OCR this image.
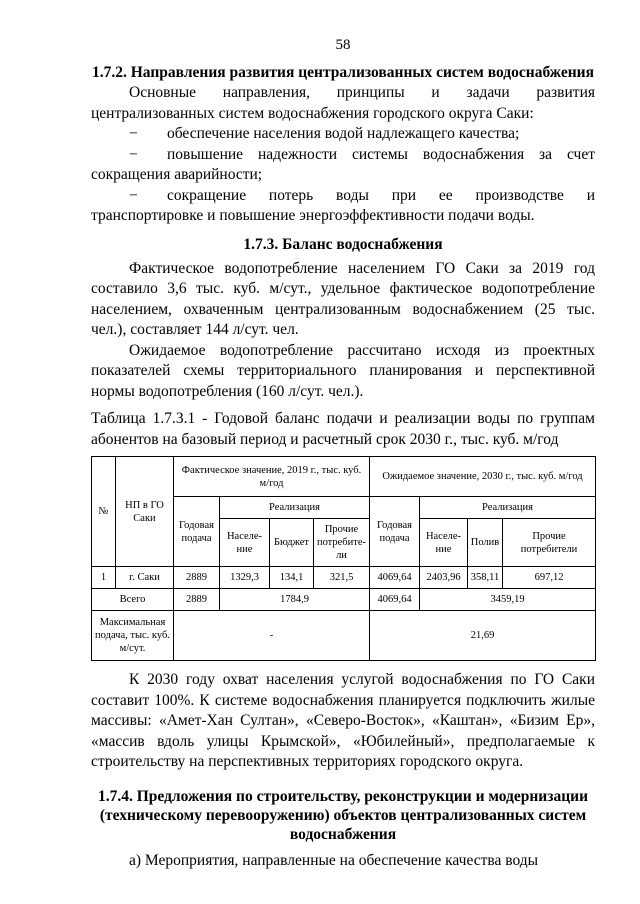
58
1.7.2. Направления развития централизованных систем водоснабжения

Основные направления, принципы и задачи развития централизованных систем водоснабжения городского округа Саки:

− обеспечение населения водой надлежащего качества;
− повышение надежности системы водоснабжения за счет сокращения аварийности;
− сокращение потерь воды при ее производстве и транспортировке и повышение энергоэффективности подачи воды.
1.7.3. Баланс водоснабжения

Фактическое водопотребление населением ГО Саки за 2019 год составило 3,6 тыс. куб. м/сут., удельное фактическое водопотребление населением, охваченным централизованным водоснабжением (25 тыс. чел.), составляет 144 л/сут. чел.

Ожидаемое водопотребление рассчитано исходя из проектных показателей схемы территориального планирования и перспективной нормы водопотребления (160 л/сут. чел.).

Таблица 1.7.3.1 - Годовой баланс подачи и реализации воды по группам

абонентов на базовый период и расчетный срок 2030 г., тыс. куб. м/год

№	НП в ГО Саки	Фактическое значение, 2019 г., тыс. куб. м/год				Ожидаемое значение, 2030 г., тыс. куб. м/год			
		Годовая подача	Реализация			Годовая подача	Реализация		
			Населе-ние	Бюджет	Прочие потребите-ли		Населе-ние	Полив	Прочие потребители
1	г. Саки	2889	1329,3	134,1	321,5	4069,64	2403,96	358,11	697,12
Всего		2889	1784,9			4069,64	3459,19		
Максимальная подача, тыс. куб. м/сут.		-				21,69			

К 2030 году охват населения услугой водоснабжения по ГО Саки составит 100%. К системе водоснабжения планируется подключить жилые массивы: «Амет-Хан Султан», «Северо-Восток», «Каштан», «Бизим Ер», «массив вдоль улицы Крымской», «Юбилейный», предполагаемые к строительству на перспективных территориях городского округа.

1.7.4. Предложения по строительству, реконструкции и модернизации (техническому перевооружению) объектов централизованных систем водоснабжения

а) Мероприятия, направленные на обеспечение качества воды
